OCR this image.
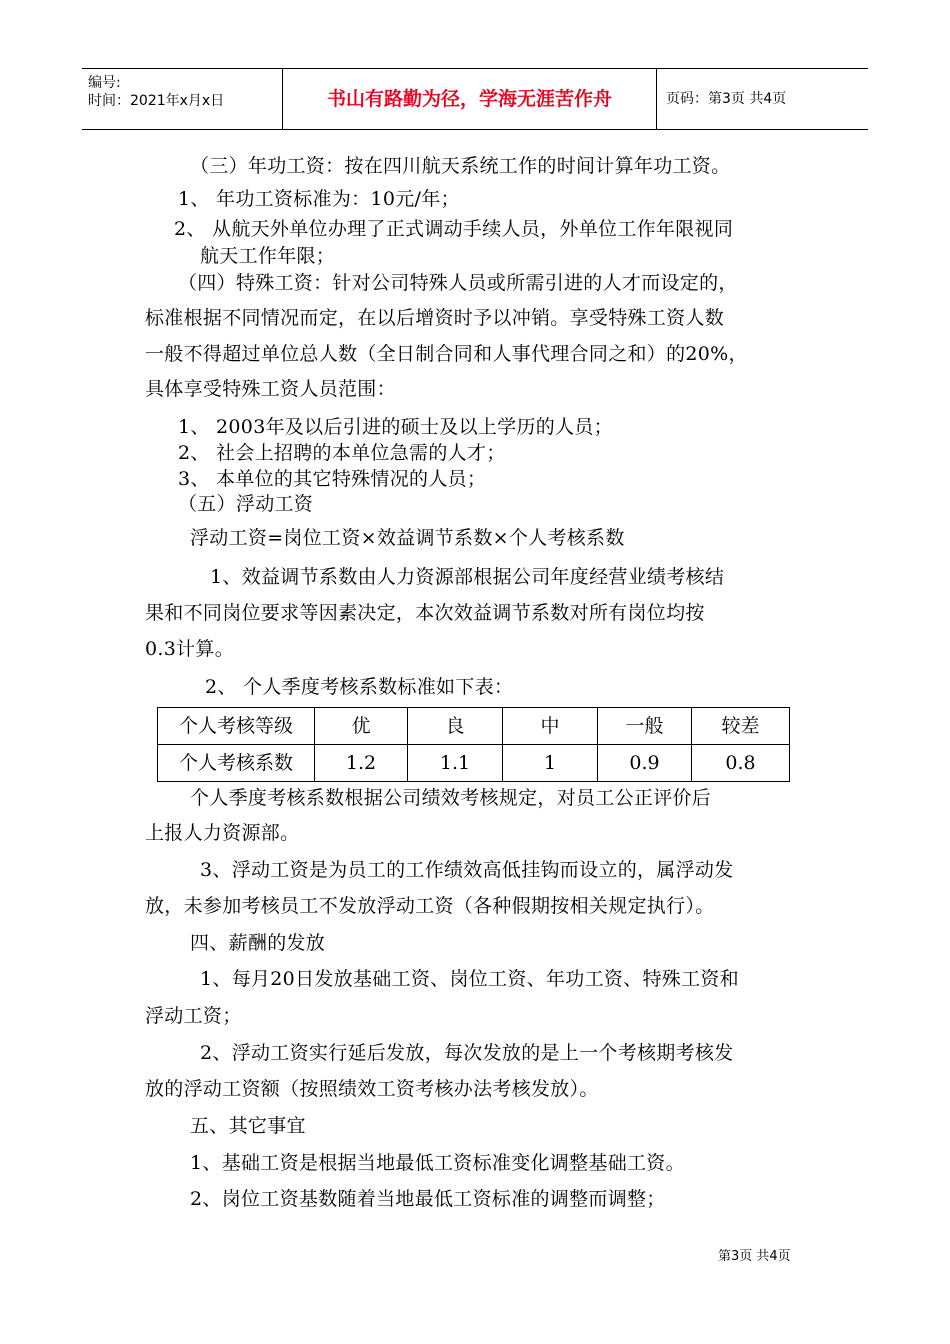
编号:
时间：2021年x月x日	书山有路勤为径，学海无涯苦作舟	页码：第3页 共4页
（三）年功工资：按在四川航天系统工作的时间计算年功工资。
1、 年功工资标准为：10元/年；
2、 从航天外单位办理了正式调动手续人员，外单位工作年限视同
航天工作年限；
（四）特殊工资：针对公司特殊人员或所需引进的人才而设定的，
标准根据不同情况而定，在以后增资时予以冲销。享受特殊工资人数
一般不得超过单位总人数（全日制合同和人事代理合同之和）的20%，
具体享受特殊工资人员范围：
1、 2003年及以后引进的硕士及以上学历的人员；
2、 社会上招聘的本单位急需的人才；
3、 本单位的其它特殊情况的人员；
（五）浮动工资
浮动工资=岗位工资×效益调节系数×个人考核系数
1、效益调节系数由人力资源部根据公司年度经营业绩考核结
果和不同岗位要求等因素决定，本次效益调节系数对所有岗位均按
0.3计算。
2、 个人季度考核系数标准如下表：
个人考核等级	优	良	中	一般	较差
个人考核系数	1.2	1.1	1	0.9	0.8
个人季度考核系数根据公司绩效考核规定，对员工公正评价后
上报人力资源部。
3、浮动工资是为员工的工作绩效高低挂钩而设立的，属浮动发
放，未参加考核员工不发放浮动工资（各种假期按相关规定执行）。
四、薪酬的发放
1、每月20日发放基础工资、岗位工资、年功工资、特殊工资和
浮动工资；
2、浮动工资实行延后发放，每次发放的是上一个考核期考核发
放的浮动工资额（按照绩效工资考核办法考核发放）。
五、其它事宜
1、基础工资是根据当地最低工资标准变化调整基础工资。
2、岗位工资基数随着当地最低工资标准的调整而调整；
第3页 共4页
